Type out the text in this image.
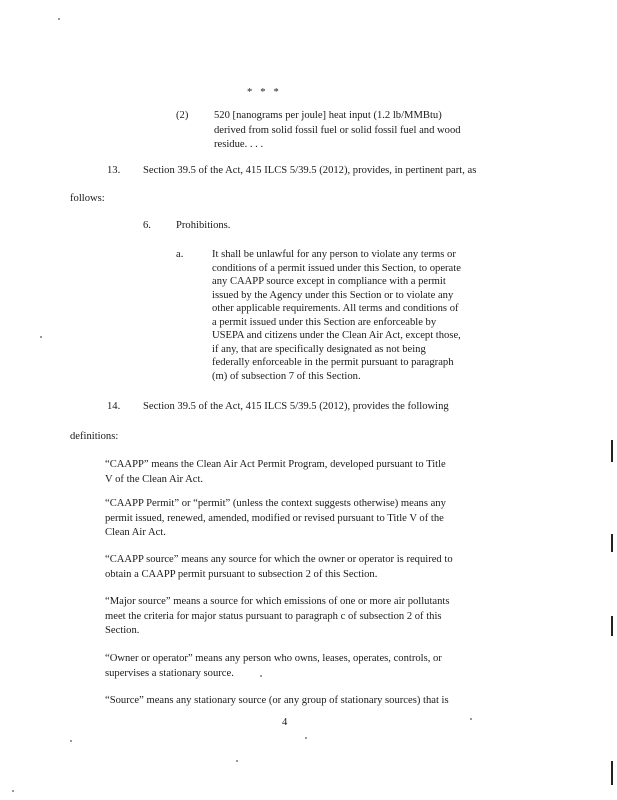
*   *   *
(2) 520 [nanograms per joule] heat input (1.2 lb/MMBtu)
derived from solid fossil fuel or solid fossil fuel and wood
residue. . . .
13. Section 39.5 of the Act, 415 ILCS 5/39.5 (2012), provides, in pertinent part, as
follows:
6. Prohibitions.
a.	It shall be unlawful for any person to violate any terms or
conditions of a permit issued under this Section, to operate
any CAAPP source except in compliance with a permit
issued by the Agency under this Section or to violate any
other applicable requirements. All terms and conditions of
a permit issued under this Section are enforceable by
USEPA and citizens under the Clean Air Act, except those,
if any, that are specifically designated as not being
federally enforceable in the permit pursuant to paragraph
(m) of subsection 7 of this Section.
14. Section 39.5 of the Act, 415 ILCS 5/39.5 (2012), provides the following
definitions:
“CAAPP” means the Clean Air Act Permit Program, developed pursuant to Title
V of the Clean Air Act.
“CAAPP Permit” or “permit” (unless the context suggests otherwise) means any
permit issued, renewed, amended, modified or revised pursuant to Title V of the
Clean Air Act.
“CAAPP source” means any source for which the owner or operator is required to
obtain a CAAPP permit pursuant to subsection 2 of this Section.
“Major source” means a source for which emissions of one or more air pollutants
meet the criteria for major status pursuant to paragraph c of subsection 2 of this
Section.
“Owner or operator” means any person who owns, leases, operates, controls, or
supervises a stationary source.
“Source” means any stationary source (or any group of stationary sources) that is
4
